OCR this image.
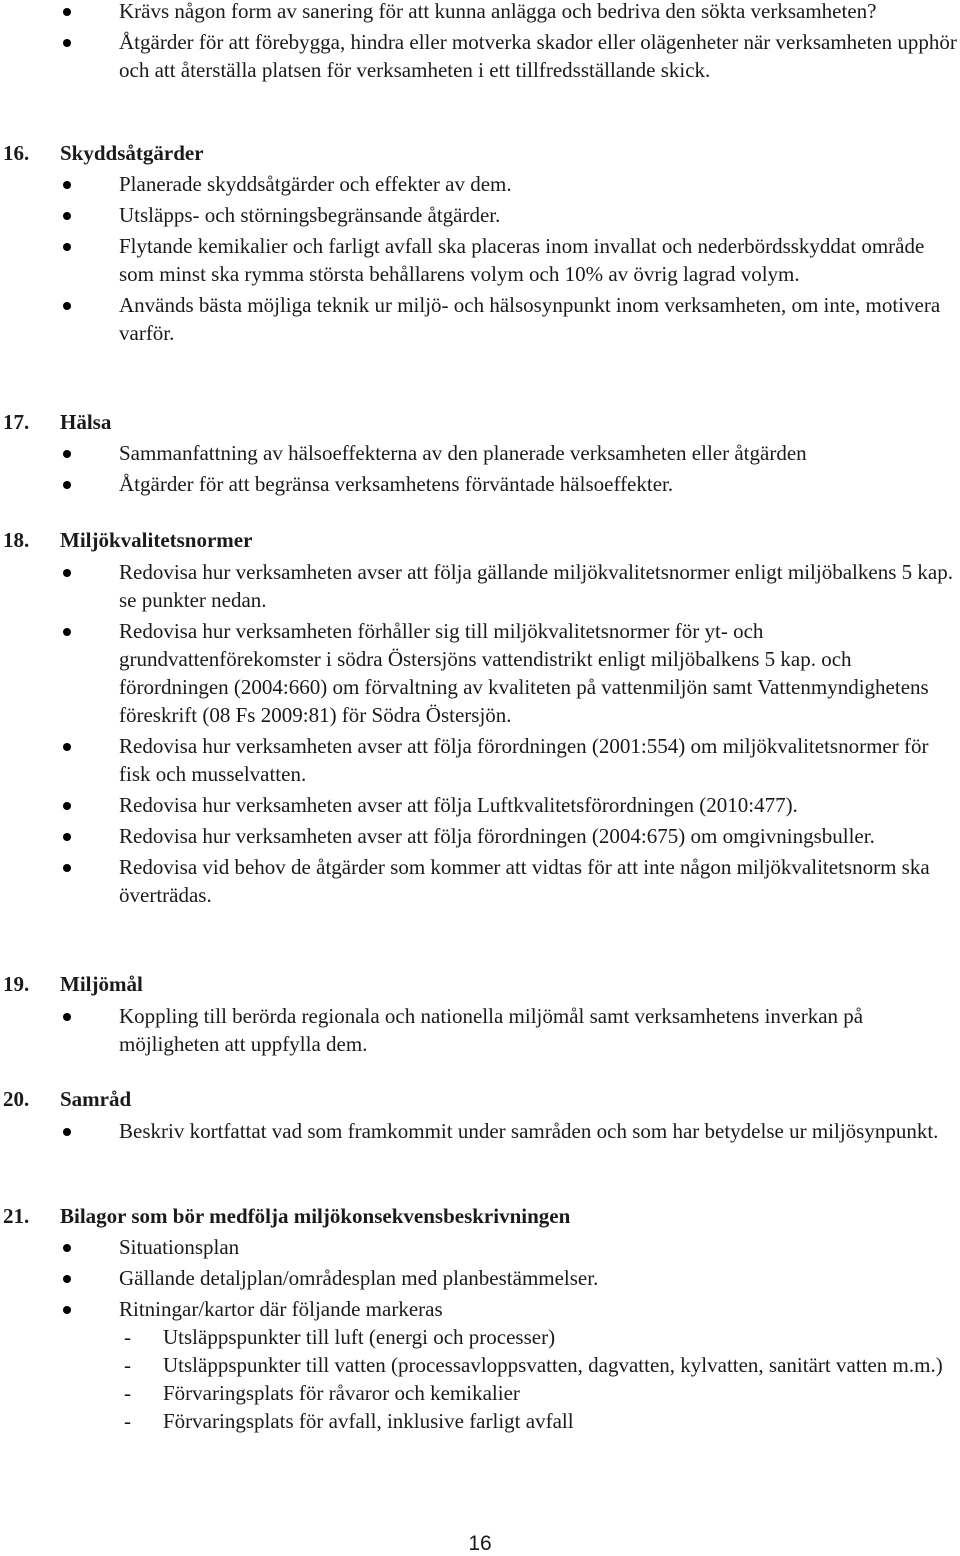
Krävs någon form av sanering för att kunna anlägga och bedriva den sökta verksamheten?
Åtgärder för att förebygga, hindra eller motverka skador eller olägenheter när verksamheten upphör och att återställa platsen för verksamheten i ett tillfredsställande skick.
16. Skyddsåtgärder
Planerade skyddsåtgärder och effekter av dem.
Utsläpps- och störningsbegränsande åtgärder.
Flytande kemikalier och farligt avfall ska placeras inom invallat och nederbördsskyddat område som minst ska rymma största behållarens volym och 10% av övrig lagrad volym.
Används bästa möjliga teknik ur miljö- och hälsosynpunkt inom verksamheten, om inte, motivera varför.
17. Hälsa
Sammanfattning av hälsoeffekterna av den planerade verksamheten eller åtgärden
Åtgärder för att begränsa verksamhetens förväntade hälsoeffekter.
18. Miljökvalitetsnormer
Redovisa hur verksamheten avser att följa gällande miljökvalitetsnormer enligt miljöbalkens 5 kap. se punkter nedan.
Redovisa hur verksamheten förhåller sig till miljökvalitetsnormer för yt- och grundvattenförekomster i södra Östersjöns vattendistrikt enligt miljöbalkens 5 kap. och förordningen (2004:660) om förvaltning av kvaliteten på vattenmiljön samt Vattenmyndighetens föreskrift (08 Fs 2009:81) för Södra Östersjön.
Redovisa hur verksamheten avser att följa förordningen (2001:554) om miljökvalitetsnormer för fisk och musselvatten.
Redovisa hur verksamheten avser att följa Luftkvalitetsförordningen (2010:477).
Redovisa hur verksamheten avser att följa förordningen (2004:675) om omgivningsbuller.
Redovisa vid behov de åtgärder som kommer att vidtas för att inte någon miljökvalitetsnorm ska överträdas.
19. Miljömål
Koppling till berörda regionala och nationella miljömål samt verksamhetens inverkan på möjligheten att uppfylla dem.
20. Samråd
Beskriv kortfattat vad som framkommit under samråden och som har betydelse ur miljösynpunkt.
21. Bilagor som bör medfölja miljökonsekvensbeskrivningen
Situationsplan
Gällande detaljplan/områdesplan med planbestämmelser.
Ritningar/kartor där följande markeras
- Utsläppspunkter till luft (energi och processer)
- Utsläppspunkter till vatten (processavloppsvatten, dagvatten, kylvatten, sanitärt vatten m.m.)
- Förvaringsplats för råvaror och kemikalier
- Förvaringsplats för avfall, inklusive farligt avfall
16
